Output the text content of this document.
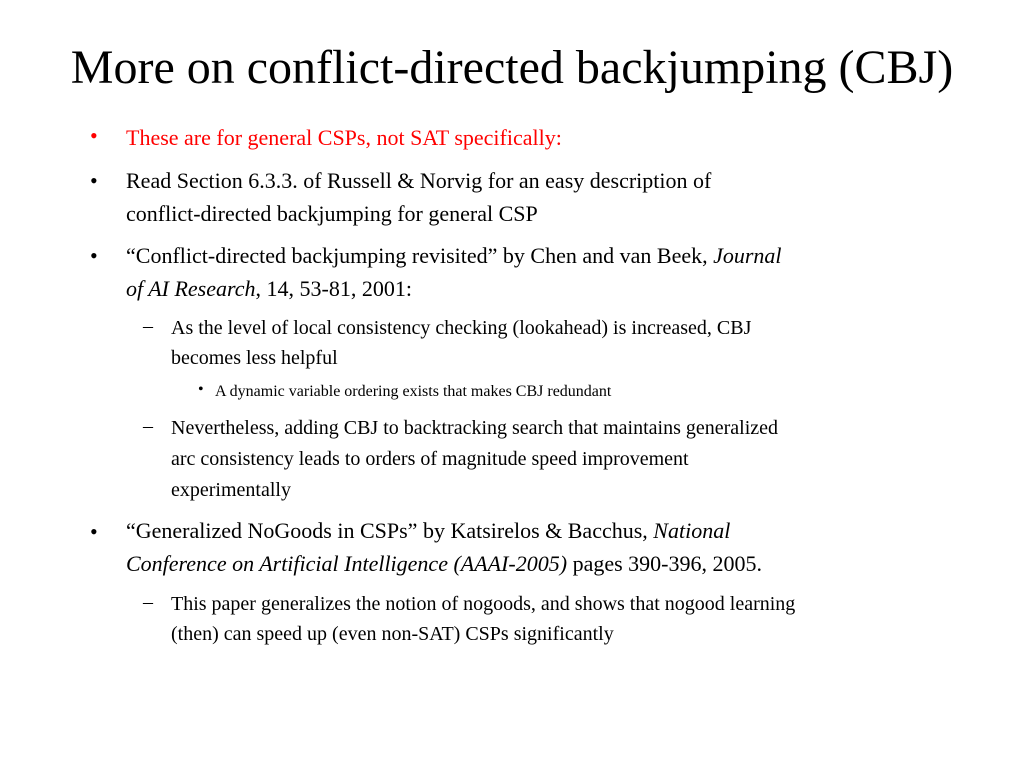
More on conflict-directed backjumping (CBJ)
• These are for general CSPs, not SAT specifically:
• Read Section 6.3.3. of Russell & Norvig for an easy description of
conflict-directed backjumping for general CSP
• “Conflict-directed backjumping revisited” by Chen and van Beek, Journal
of AI Research, 14, 53-81, 2001:
– As the level of local consistency checking (lookahead) is increased, CBJ
becomes less helpful
• A dynamic variable ordering exists that makes CBJ redundant
– Nevertheless, adding CBJ to backtracking search that maintains generalized
arc consistency leads to orders of magnitude speed improvement
experimentally
• “Generalized NoGoods in CSPs” by Katsirelos & Bacchus, National
Conference on Artificial Intelligence (AAAI-2005) pages 390-396, 2005.
– This paper generalizes the notion of nogoods, and shows that nogood learning
(then) can speed up (even non-SAT) CSPs significantly
